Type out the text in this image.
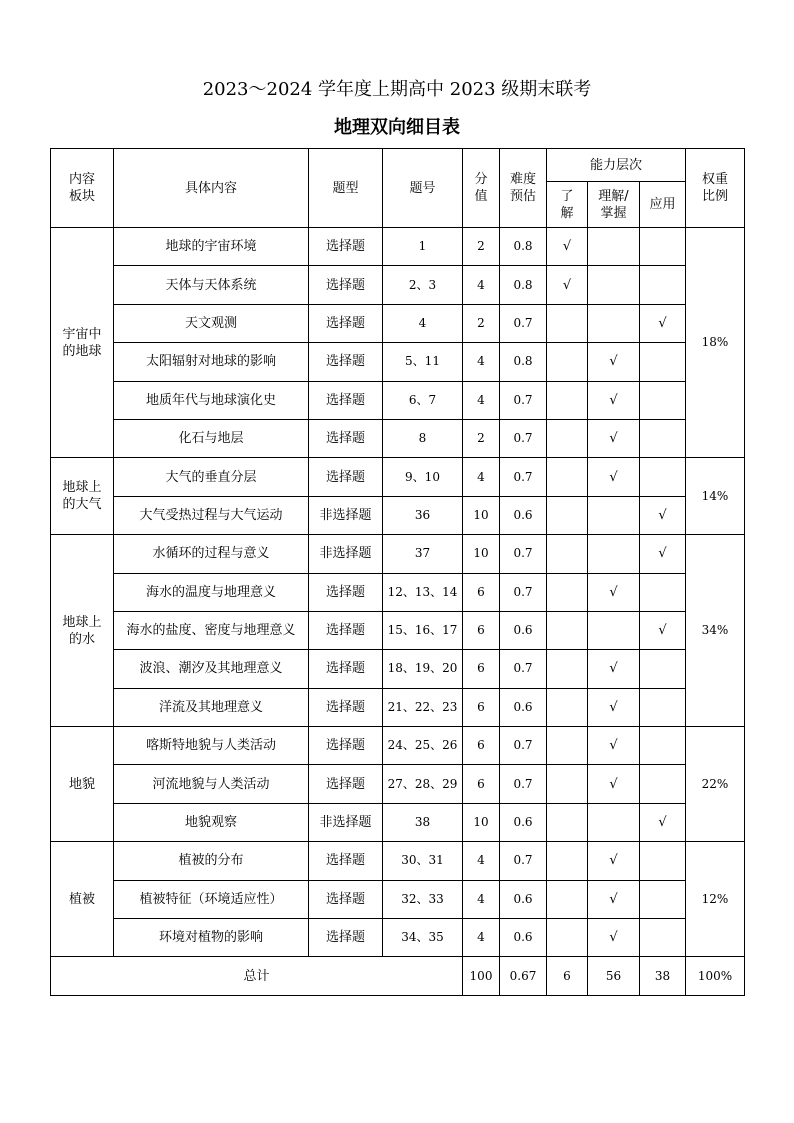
2023～2024 学年度上期高中 2023 级期末联考
地理双向细目表
内容板块	具体内容	题型	题号	分值	难度预估	能力层次			权重比例
						了解	理解/掌握	应用	
宇宙中的地球	地球的宇宙环境	选择题	1	2	0.8	√			18%
	天体与天体系统	选择题	2、3	4	0.8	√			
	天文观测	选择题	4	2	0.7			√	
	太阳辐射对地球的影响	选择题	5、11	4	0.8		√		
	地质年代与地球演化史	选择题	6、7	4	0.7		√		
	化石与地层	选择题	8	2	0.7		√		
地球上的大气	大气的垂直分层	选择题	9、10	4	0.7		√		14%
	大气受热过程与大气运动	非选择题	36	10	0.6			√	
地球上的水	水循环的过程与意义	非选择题	37	10	0.7			√	34%
	海水的温度与地理意义	选择题	12、13、14	6	0.7		√		
	海水的盐度、密度与地理意义	选择题	15、16、17	6	0.6			√	
	波浪、潮汐及其地理意义	选择题	18、19、20	6	0.7		√		
	洋流及其地理意义	选择题	21、22、23	6	0.6		√		
地貌	喀斯特地貌与人类活动	选择题	24、25、26	6	0.7		√		22%
	河流地貌与人类活动	选择题	27、28、29	6	0.7		√		
	地貌观察	非选择题	38	10	0.6			√	
植被	植被的分布	选择题	30、31	4	0.7		√		12%
	植被特征（环境适应性）	选择题	32、33	4	0.6		√		
	环境对植物的影响	选择题	34、35	4	0.6		√		
总计				100	0.67	6	56	38	100%
